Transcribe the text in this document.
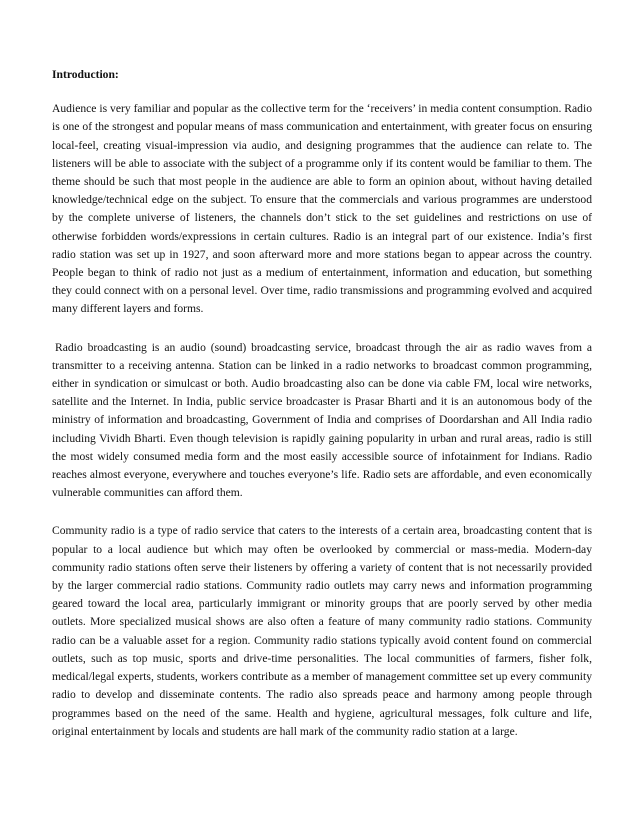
Introduction:

Audience is very familiar and popular as the collective term for the ‘receivers’ in media content consumption. Radio is one of the strongest and popular means of mass communication and entertainment, with greater focus on ensuring local-feel, creating visual-impression via audio, and designing programmes that the audience can relate to. The listeners will be able to associate with the subject of a programme only if its content would be familiar to them. The theme should be such that most people in the audience are able to form an opinion about, without having detailed knowledge/technical edge on the subject. To ensure that the commercials and various programmes are understood by the complete universe of listeners, the channels don’t stick to the set guidelines and restrictions on use of otherwise forbidden words/expressions in certain cultures. Radio is an integral part of our existence. India’s first radio station was set up in 1927, and soon afterward more and more stations began to appear across the country. People began to think of radio not just as a medium of entertainment, information and education, but something they could connect with on a personal level. Over time, radio transmissions and programming evolved and acquired many different layers and forms.

Radio broadcasting is an audio (sound) broadcasting service, broadcast through the air as radio waves from a transmitter to a receiving antenna. Station can be linked in a radio networks to broadcast common programming, either in syndication or simulcast or both. Audio broadcasting also can be done via cable FM, local wire networks, satellite and the Internet. In India, public service broadcaster is Prasar Bharti and it is an autonomous body of the ministry of information and broadcasting, Government of India and comprises of Doordarshan and All India radio including Vividh Bharti. Even though television is rapidly gaining popularity in urban and rural areas, radio is still the most widely consumed media form and the most easily accessible source of infotainment for Indians. Radio reaches almost everyone, everywhere and touches everyone’s life. Radio sets are affordable, and even economically vulnerable communities can afford them.

Community radio is a type of radio service that caters to the interests of a certain area, broadcasting content that is popular to a local audience but which may often be overlooked by commercial or mass-media. Modern-day community radio stations often serve their listeners by offering a variety of content that is not necessarily provided by the larger commercial radio stations. Community radio outlets may carry news and information programming geared toward the local area, particularly immigrant or minority groups that are poorly served by other media outlets. More specialized musical shows are also often a feature of many community radio stations. Community radio can be a valuable asset for a region. Community radio stations typically avoid content found on commercial outlets, such as top music, sports and drive-time personalities. The local communities of farmers, fisher folk, medical/legal experts, students, workers contribute as a member of management committee set up every community radio to develop and disseminate contents. The radio also spreads peace and harmony among people through programmes based on the need of the same. Health and hygiene, agricultural messages, folk culture and life, original entertainment by locals and students are hall mark of the community radio station at a large.
